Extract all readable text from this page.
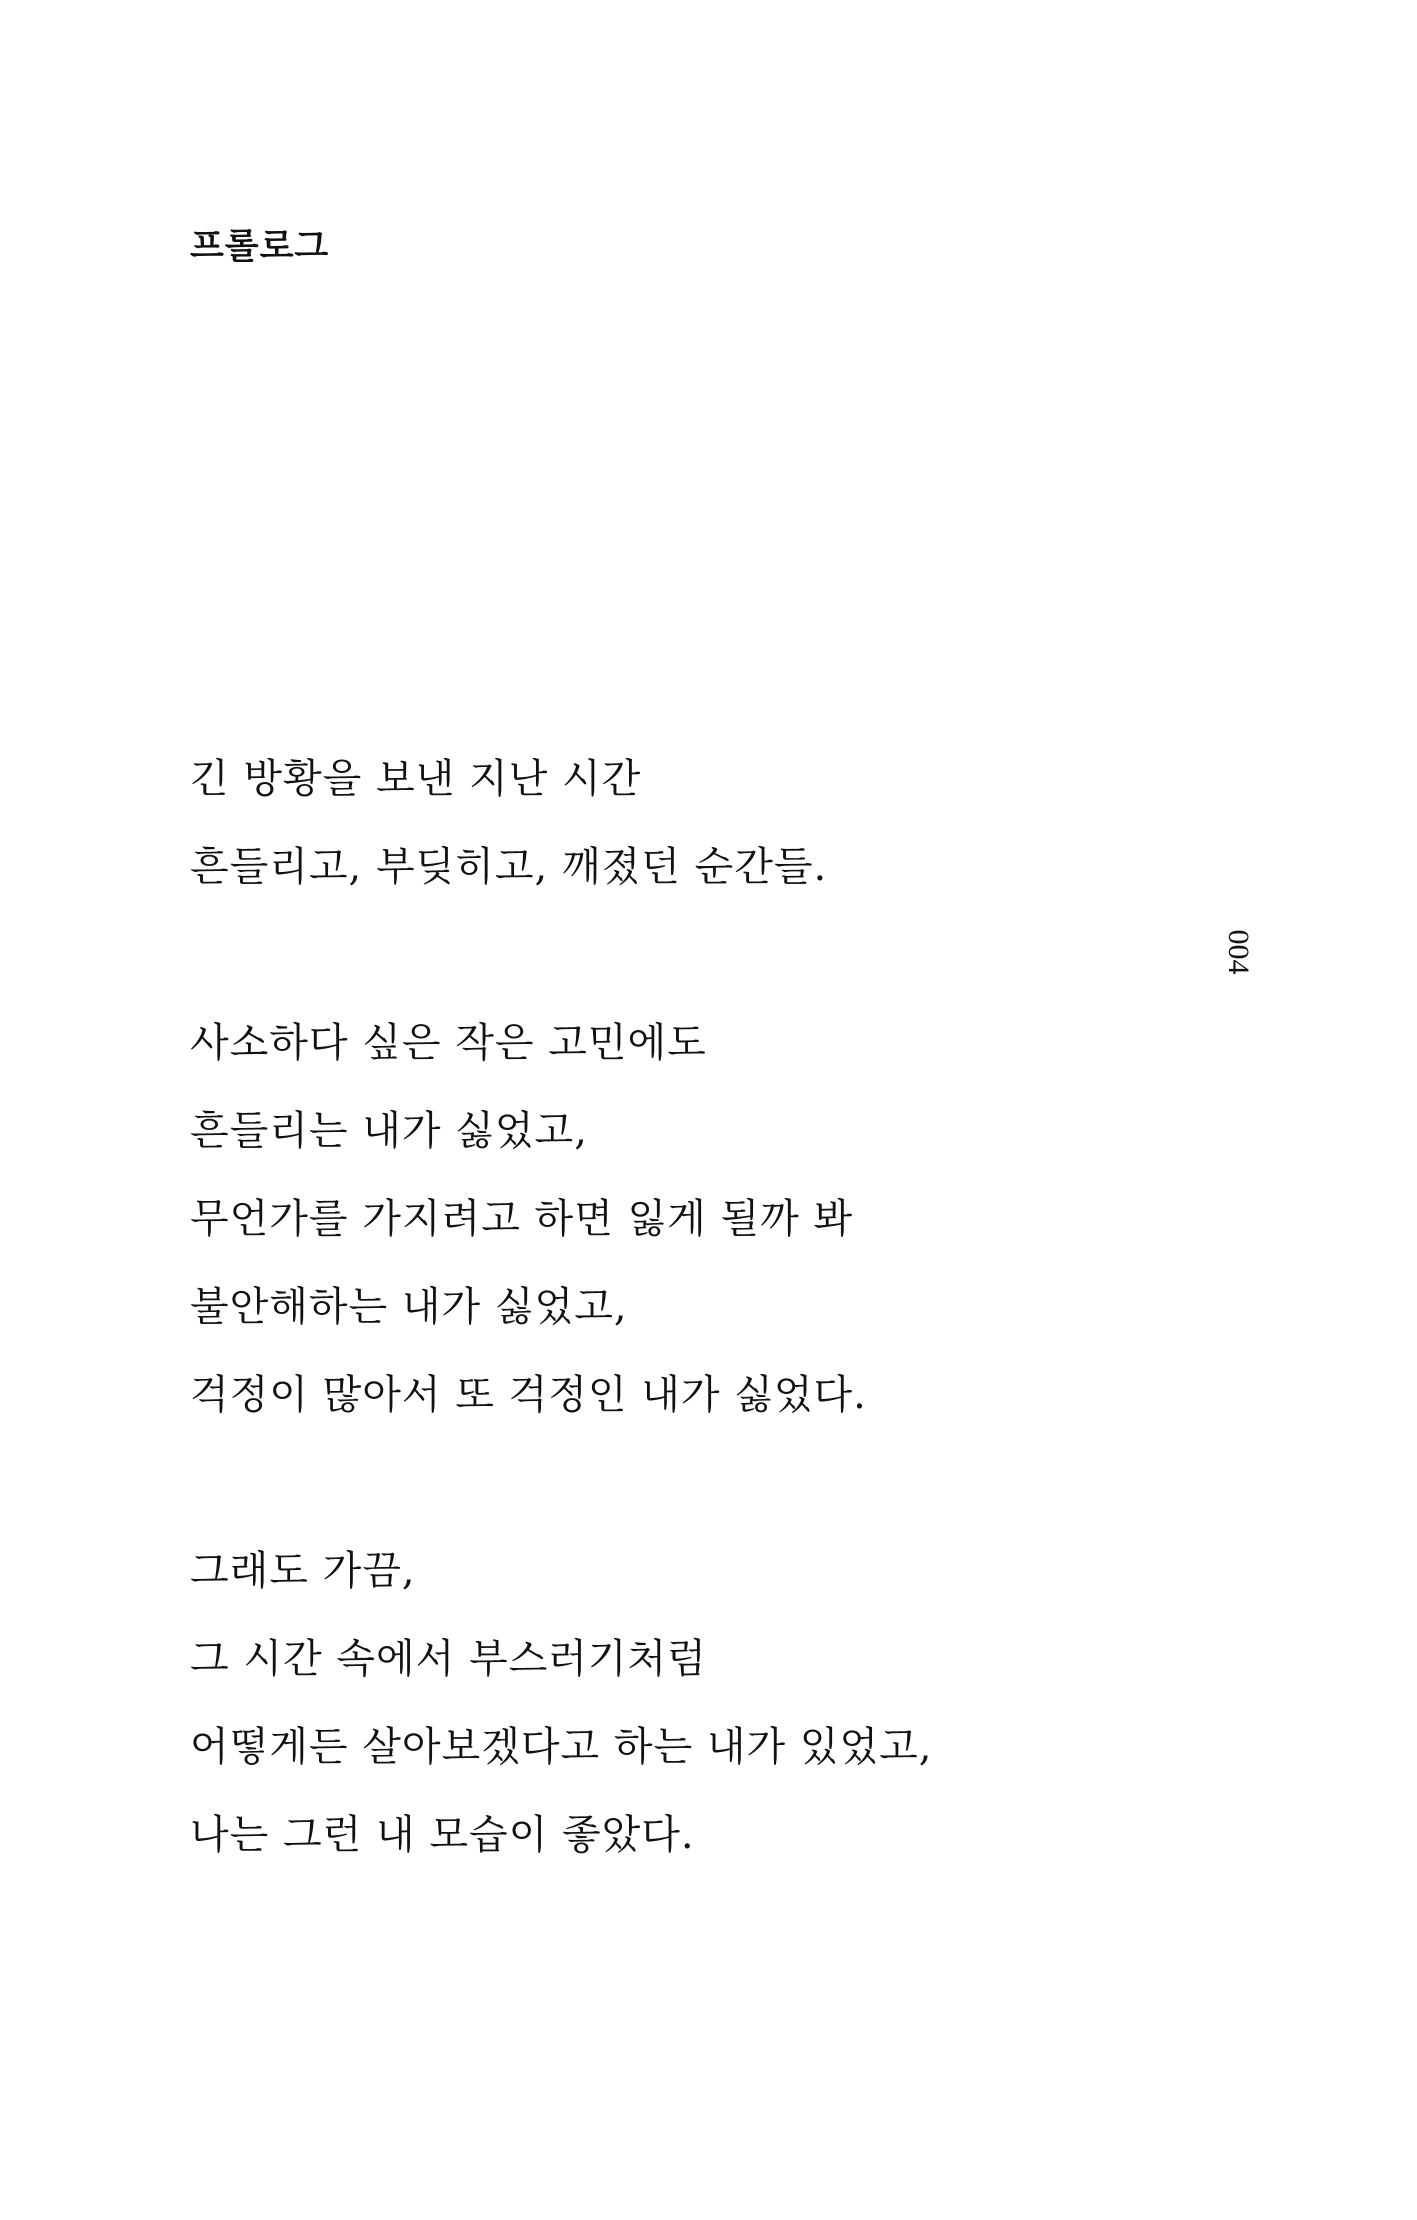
프롤로그
004
긴 방황을 보낸 지난 시간
흔들리고, 부딪히고, 깨졌던 순간들.
사소하다 싶은 작은 고민에도
흔들리는 내가 싫었고,
무언가를 가지려고 하면 잃게 될까 봐
불안해하는 내가 싫었고,
걱정이 많아서 또 걱정인 내가 싫었다.
그래도 가끔,
그 시간 속에서 부스러기처럼
어떻게든 살아보겠다고 하는 내가 있었고,
나는 그런 내 모습이 좋았다.
